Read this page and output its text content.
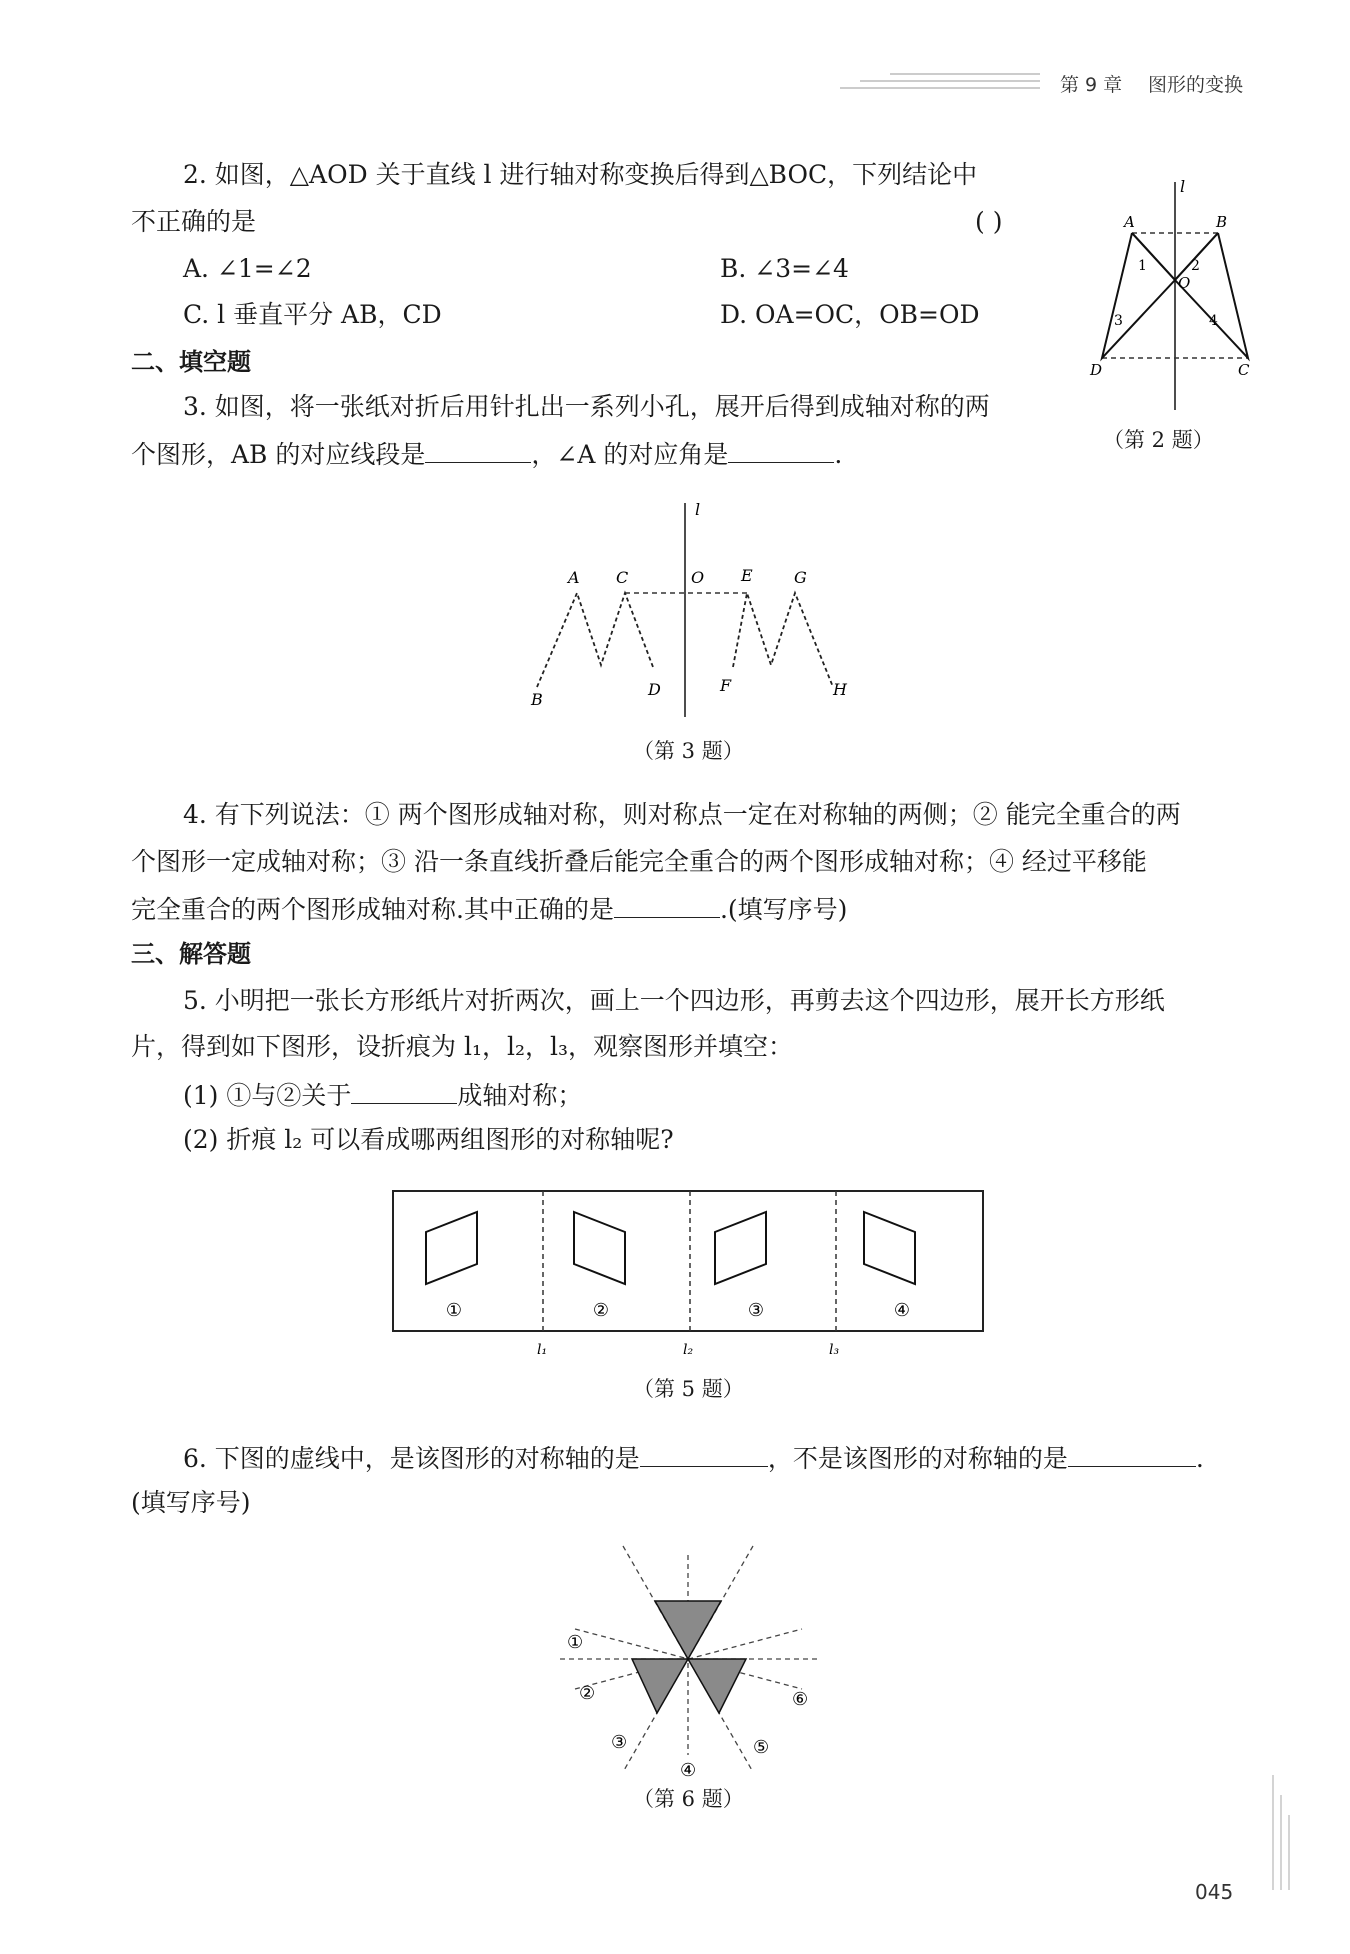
第 9 章 图形的变换
2. 如图，△AOD 关于直线 l 进行轴对称变换后得到△BOC，下列结论中
不正确的是	( )
A. ∠1=∠2	B. ∠3=∠4
C. l 垂直平分 AB，CD	D. OA=OC，OB=OD
l
A	B
O
D	C
1	2
3	4
（第 2 题）
二、填空题
3. 如图，将一张纸对折后用针扎出一系列小孔，展开后得到成轴对称的两
个图形，AB 的对应线段是	，∠A 的对应角是	.
l
A C	O E	G
B
D	F	H
（第 3 题）
4. 有下列说法：① 两个图形成轴对称，则对称点一定在对称轴的两侧；② 能完全重合的两
个图形一定成轴对称；③ 沿一条直线折叠后能完全重合的两个图形成轴对称；④ 经过平移能
完全重合的两个图形成轴对称.其中正确的是	.(填写序号)
三、解答题
5. 小明把一张长方形纸片对折两次，画上一个四边形，再剪去这个四边形，展开长方形纸
片，得到如下图形，设折痕为 l₁，l₂，l₃，观察图形并填空：
(1) ①与②关于	成轴对称；
(2) 折痕 l₂ 可以看成哪两组图形的对称轴呢?
①	②	③	④
l₁	l₂	l₃
（第 5 题）
6. 下图的虚线中，是该图形的对称轴的是	，不是该图形的对称轴的是	.
(填写序号)
①
②
③
④
⑤
⑥
（第 6 题）
045
